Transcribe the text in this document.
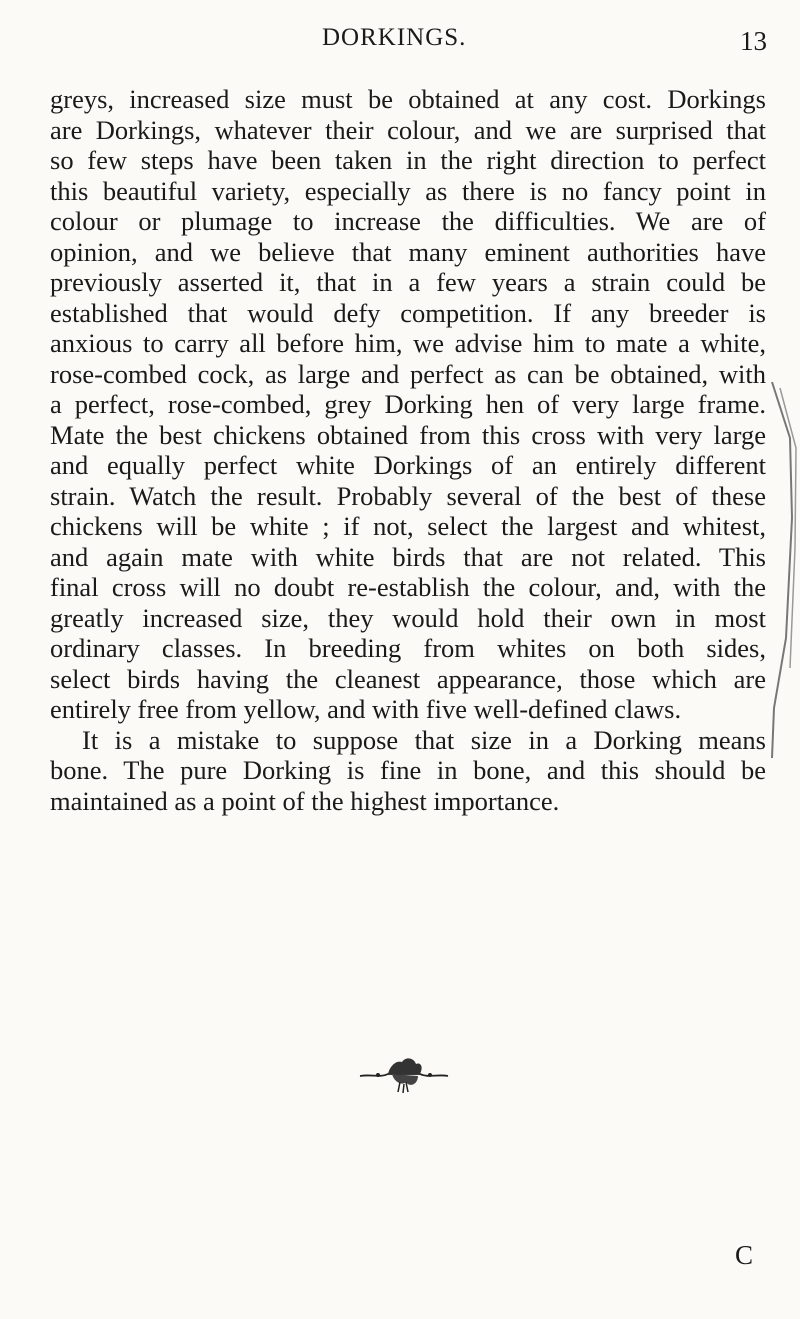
DORKINGS.	13
greys, increased size must be obtained at any cost. Dorkings
are Dorkings, whatever their colour, and we are surprised that
so few steps have been taken in the right direction to perfect
this beautiful variety, especially as there is no fancy point in
colour or plumage to increase the difficulties. We are of
opinion, and we believe that many eminent authorities have
previously asserted it, that in a few years a strain could be
established that would defy competition. If any breeder is
anxious to carry all before him, we advise him to mate a white,
rose-combed cock, as large and perfect as can be obtained, with
a perfect, rose-combed, grey Dorking hen of very large frame.
Mate the best chickens obtained from this cross with very large
and equally perfect white Dorkings of an entirely different
strain. Watch the result. Probably several of the best of these
chickens will be white ; if not, select the largest and whitest,
and again mate with white birds that are not related. This
final cross will no doubt re-establish the colour, and, with the
greatly increased size, they would hold their own in most
ordinary classes. In breeding from whites on both sides,
select birds having the cleanest appearance, those which are
entirely free from yellow, and with five well-defined claws.
It is a mistake to suppose that size in a Dorking means
bone. The pure Dorking is fine in bone, and this should be
maintained as a point of the highest importance.
C
